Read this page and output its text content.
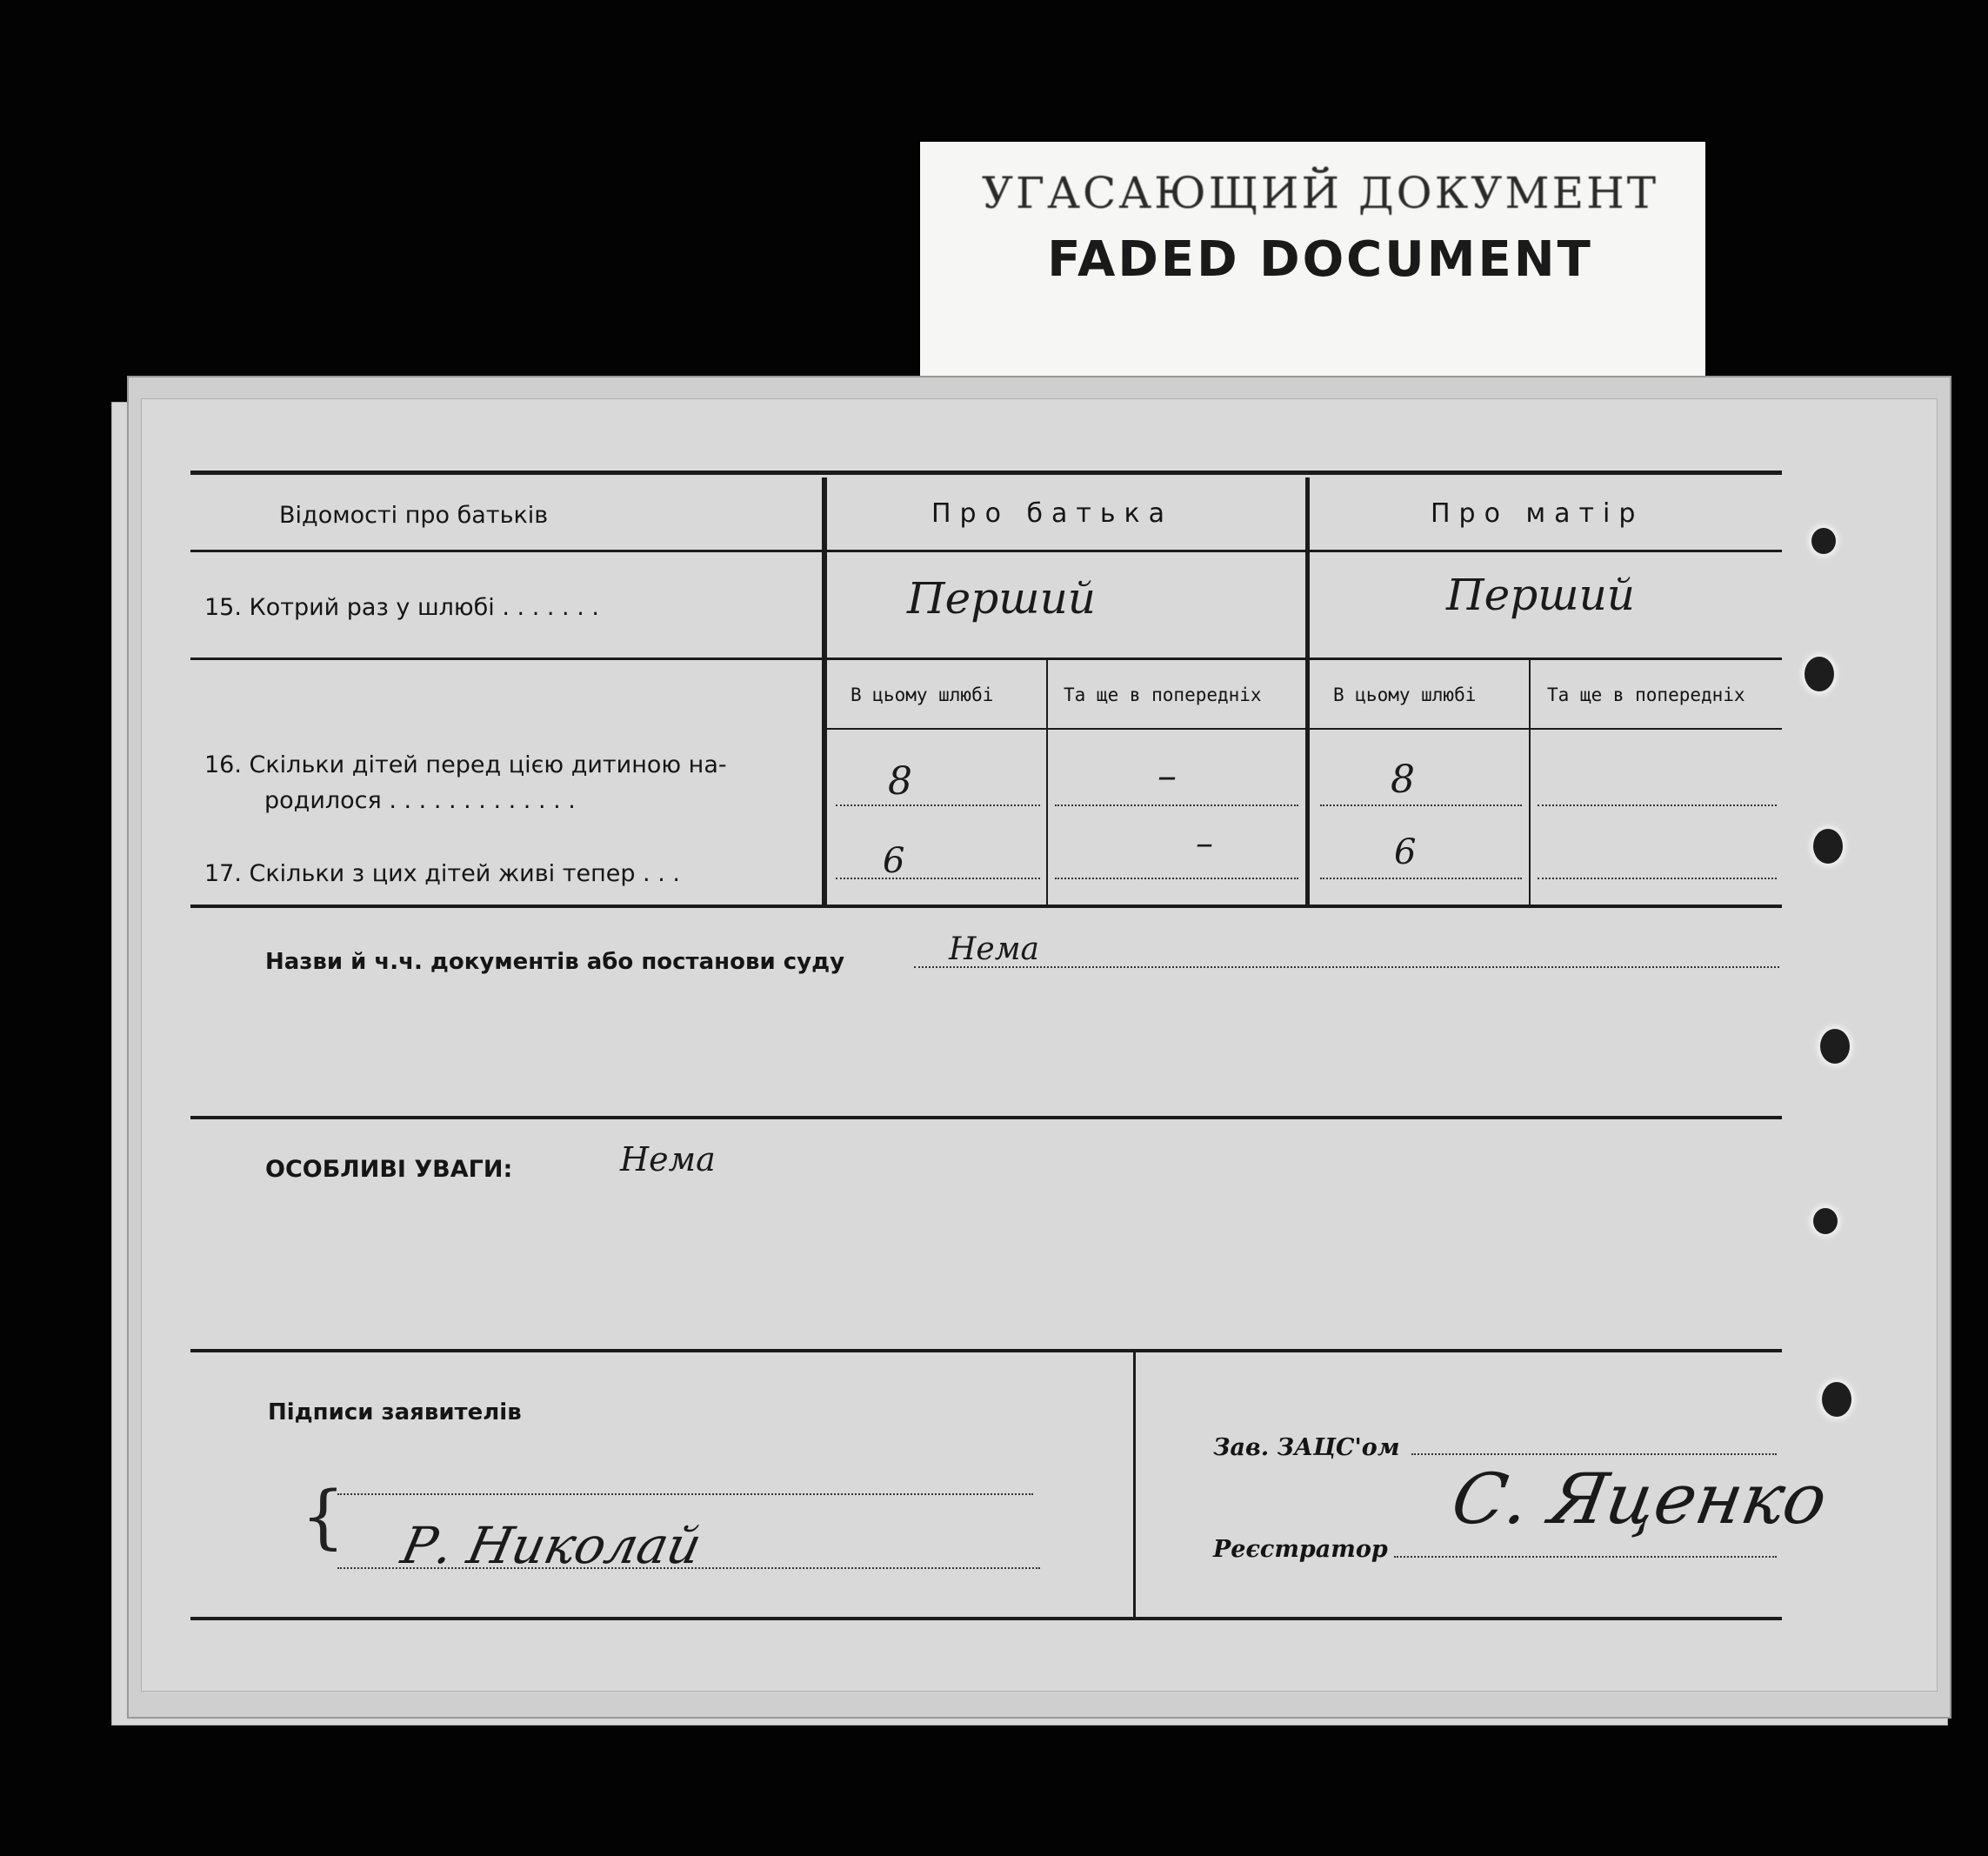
УГАСАЮЩИЙ ДОКУМЕНТ
FADED DOCUMENT
Відомості про батьків	Про батька	Про матір
15. Котрий раз у шлюбі . . . . . . .	Перший	Перший
В цьому шлюбі	Та ще в попередніх	В цьому шлюбі	Та ще в попередніх
16. Скільки дітей перед цією дитиною на-
родилося . . . . . . . . . . . . .	8	–	8
17. Скільки з цих дітей живі тепер . . .	6	–	6
Назви й ч.ч. документів або постанови суду	Нема
ОСОБЛИВІ УВАГИ:	Нема
Підписи заявителів
{ Р. Николай
Зав. ЗАЦС'ом
Реєстратор
С. Яценко
